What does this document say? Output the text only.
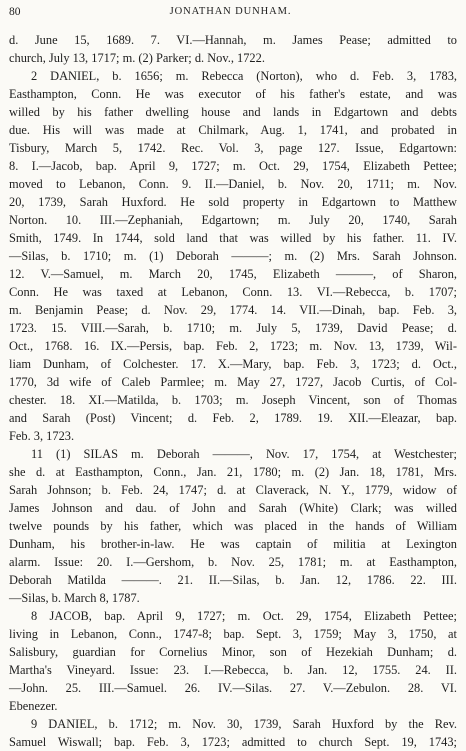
80	JONATHAN DUNHAM.
d. June 15, 1689. 7. VI.—Hannah, m. James Pease; admitted to
church, July 13, 1717; m. (2) Parker; d. Nov., 1722.
2 DANIEL, b. 1656; m. Rebecca (Norton), who d. Feb. 3, 1783,
Easthampton, Conn. He was executor of his father's estate, and was
willed by his father dwelling house and lands in Edgartown and debts
due. His will was made at Chilmark, Aug. 1, 1741, and probated in
Tisbury, March 5, 1742. Rec. Vol. 3, page 127. Issue, Edgartown:
8. I.—Jacob, bap. April 9, 1727; m. Oct. 29, 1754, Elizabeth Pettee;
moved to Lebanon, Conn. 9. II.—Daniel, b. Nov. 20, 1711; m. Nov.
20, 1739, Sarah Huxford. He sold property in Edgartown to Matthew
Norton. 10. III.—Zephaniah, Edgartown; m. July 20, 1740, Sarah
Smith, 1749. In 1744, sold land that was willed by his father. 11. IV.
—Silas, b. 1710; m. (1) Deborah ———; m. (2) Mrs. Sarah Johnson.
12. V.—Samuel, m. March 20, 1745, Elizabeth ———, of Sharon,
Conn. He was taxed at Lebanon, Conn. 13. VI.—Rebecca, b. 1707;
m. Benjamin Pease; d. Nov. 29, 1774. 14. VII.—Dinah, bap. Feb. 3,
1723. 15. VIII.—Sarah, b. 1710; m. July 5, 1739, David Pease; d.
Oct., 1768. 16. IX.—Persis, bap. Feb. 2, 1723; m. Nov. 13, 1739, Wil-
liam Dunham, of Colchester. 17. X.—Mary, bap. Feb. 3, 1723; d. Oct.,
1770, 3d wife of Caleb Parmlee; m. May 27, 1727, Jacob Curtis, of Col-
chester. 18. XI.—Matilda, b. 1703; m. Joseph Vincent, son of Thomas
and Sarah (Post) Vincent; d. Feb. 2, 1789. 19. XII.—Eleazar, bap.
Feb. 3, 1723.
11 (1) SILAS m. Deborah ———, Nov. 17, 1754, at Westchester;
she d. at Easthampton, Conn., Jan. 21, 1780; m. (2) Jan. 18, 1781, Mrs.
Sarah Johnson; b. Feb. 24, 1747; d. at Claverack, N. Y., 1779, widow of
James Johnson and dau. of John and Sarah (White) Clark; was willed
twelve pounds by his father, which was placed in the hands of William
Dunham, his brother-in-law. He was captain of militia at Lexington
alarm. Issue: 20. I.—Gershom, b. Nov. 25, 1781; m. at Easthampton,
Deborah Matilda ———. 21. II.—Silas, b. Jan. 12, 1786. 22. III.
—Silas, b. March 8, 1787.
8 JACOB, bap. April 9, 1727; m. Oct. 29, 1754, Elizabeth Pettee;
living in Lebanon, Conn., 1747-8; bap. Sept. 3, 1759; May 3, 1750, at
Salisbury, guardian for Cornelius Minor, son of Hezekiah Dunham; d.
Martha's Vineyard. Issue: 23. I.—Rebecca, b. Jan. 12, 1755. 24. II.
—John. 25. III.—Samuel. 26. IV.—Silas. 27. V.—Zebulon. 28. VI.
Ebenezer.
9 DANIEL, b. 1712; m. Nov. 30, 1739, Sarah Huxford by the Rev.
Samuel Wiswall; bap. Feb. 3, 1723; admitted to church Sept. 19, 1743;
